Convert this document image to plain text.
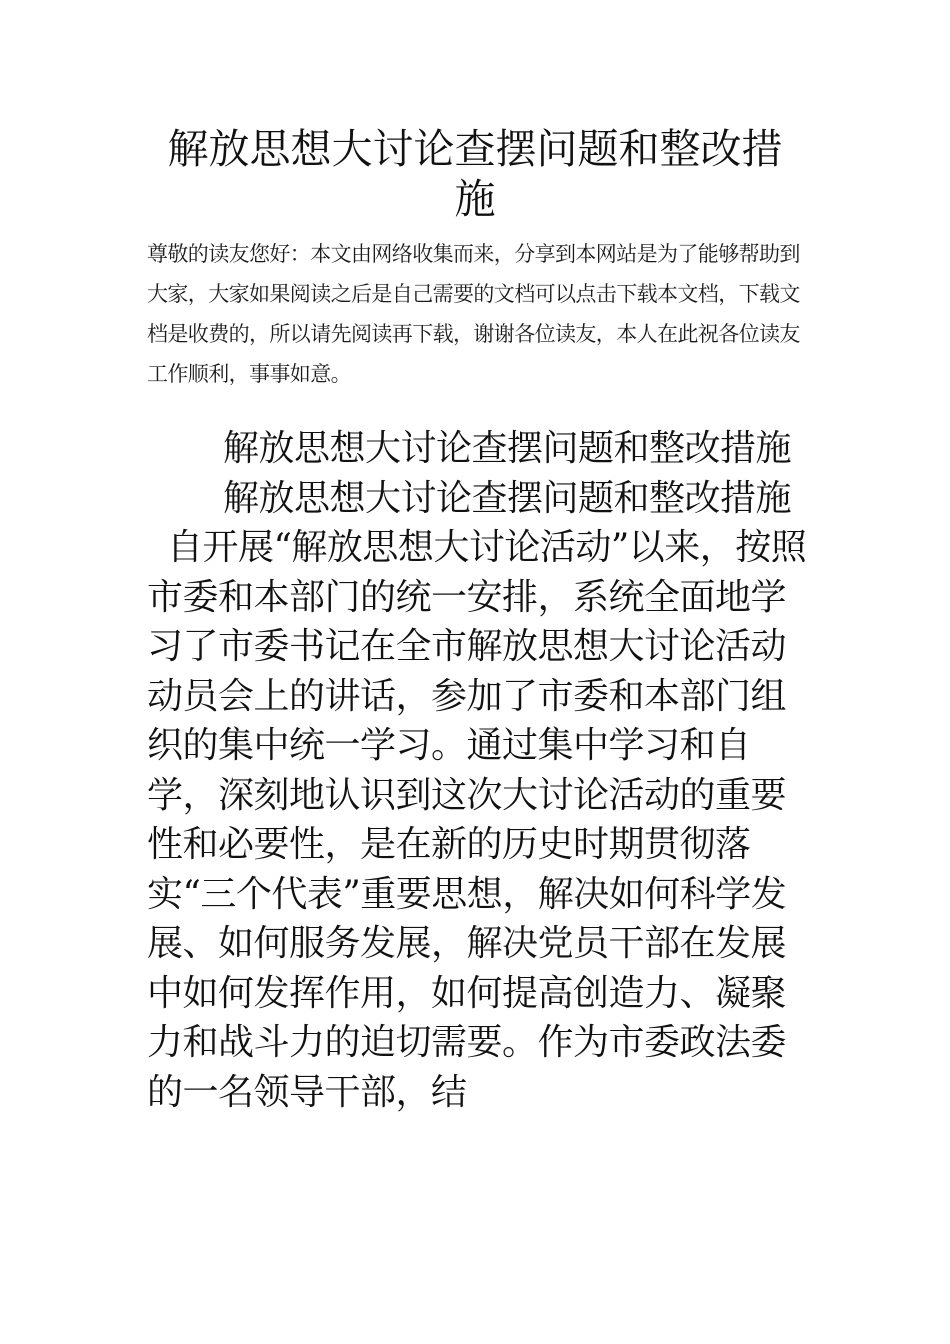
解放思想大讨论查摆问题和整改措施

尊敬的读友您好：本文由网络收集而来，分享到本网站是为了能够帮助到大家，大家如果阅读之后是自己需要的文档可以点击下载本文档，下载文档是收费的，所以请先阅读再下载，谢谢各位读友，本人在此祝各位读友工作顺利，事事如意。

解放思想大讨论查摆问题和整改措施

解放思想大讨论查摆问题和整改措施

自开展“解放思想大讨论活动”以来，按照市委和本部门的统一安排，系统全面地学习了市委书记在全市解放思想大讨论活动动员会上的讲话，参加了市委和本部门组织的集中统一学习。通过集中学习和自学，深刻地认识到这次大讨论活动的重要性和必要性，是在新的历史时期贯彻落实“三个代表”重要思想，解决如何科学发展、如何服务发展，解决党员干部在发展中如何发挥作用，如何提高创造力、凝聚力和战斗力的迫切需要。作为市委政法委的一名领导干部，结
